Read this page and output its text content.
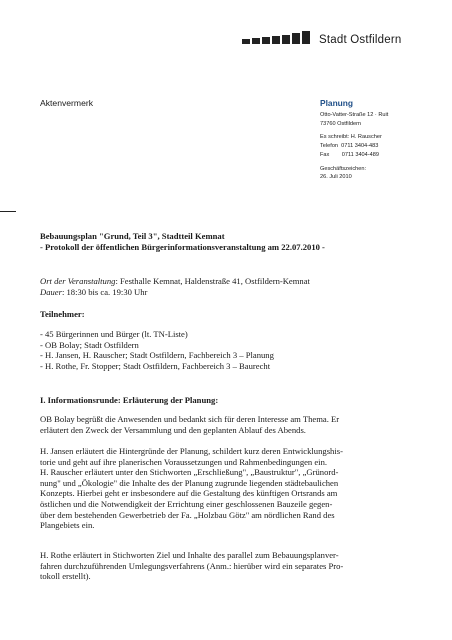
Stadt Ostfildern
Aktenvermerk	Planung
Otto-Vatter-Straße 12 · Ruit
73760 Ostfildern
Es schreibt: H. Rauscher
Telefon  0711 3404-483
Fax        0711 3404-489
Geschäftszeichen:
26. Juli 2010
Bebauungsplan "Grund, Teil 3", Stadtteil Kemnat
- Protokoll der öffentlichen Bürgerinformationsveranstaltung am 22.07.2010 -
Ort der Veranstaltung: Festhalle Kemnat, Haldenstraße 41, Ostfildern-Kemnat
Dauer: 18:30 bis ca. 19:30 Uhr
Teilnehmer:
- 45 Bürgerinnen und Bürger (lt. TN-Liste)
- OB Bolay; Stadt Ostfildern
- H. Jansen, H. Rauscher; Stadt Ostfildern, Fachbereich 3 – Planung
- H. Rothe, Fr. Stopper; Stadt Ostfildern, Fachbereich 3 – Baurecht
I. Informationsrunde: Erläuterung der Planung:
OB Bolay begrüßt die Anwesenden und bedankt sich für deren Interesse am Thema. Er
erläutert den Zweck der Versammlung und den geplanten Ablauf des Abends.
H. Jansen erläutert die Hintergründe der Planung, schildert kurz deren Entwicklungshis-
torie und geht auf ihre planerischen Voraussetzungen und Rahmenbedingungen ein.
H. Rauscher erläutert unter den Stichworten „Erschließung", „Baustruktur", „Grünord-
nung" und „Ökologie" die Inhalte des der Planung zugrunde liegenden städtebaulichen
Konzepts. Hierbei geht er insbesondere auf die Gestaltung des künftigen Ortsrands am
östlichen und die Notwendigkeit der Errichtung einer geschlossenen Bauzeile gegen-
über dem bestehenden Gewerbetrieb der Fa. „Holzbau Götz" am nördlichen Rand des
Plangebiets ein.
H. Rothe erläutert in Stichworten Ziel und Inhalte des parallel zum Bebauungsplanver-
fahren durchzuführenden Umlegungsverfahrens (Anm.: hierüber wird ein separates Pro-
tokoll erstellt).
